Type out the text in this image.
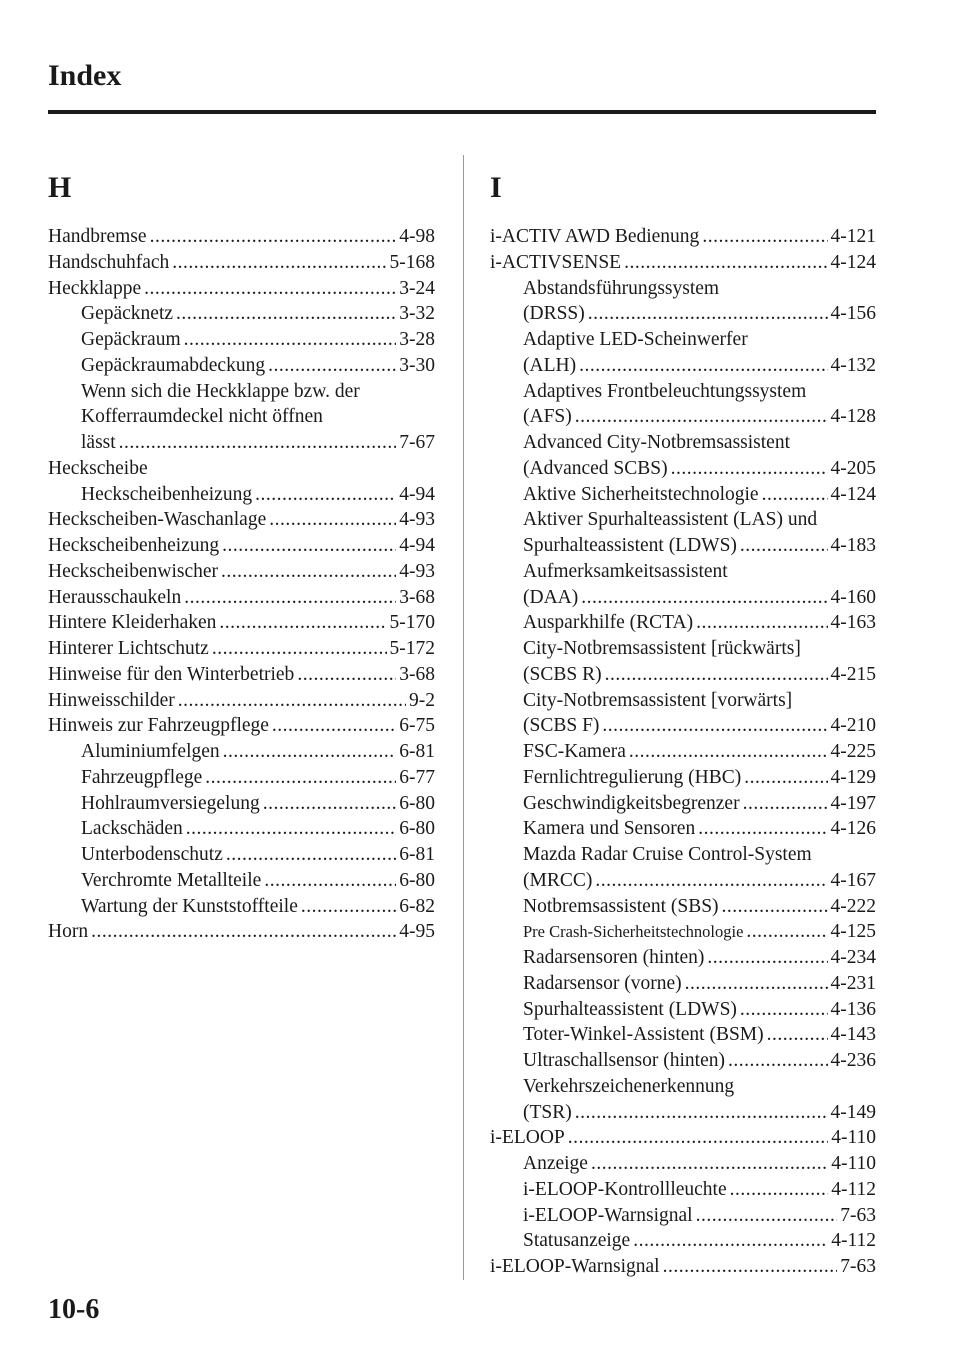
Index
H
Handbremse .....	4-98
Handschuhfach .....	5-168
Heckklappe .....	3-24
Gepäcknetz .....	3-32
Gepäckraum .....	3-28
Gepäckraumabdeckung .....	3-30
Wenn sich die Heckklappe bzw. der
Kofferraumdeckel nicht öffnen
lässt .....	7-67
Heckscheibe
Heckscheibenheizung .....	4-94
Heckscheiben-Waschanlage .....	4-93
Heckscheibenheizung .....	4-94
Heckscheibenwischer .....	4-93
Herausschaukeln .....	3-68
Hintere Kleiderhaken .....	5-170
Hinterer Lichtschutz .....	5-172
Hinweise für den Winterbetrieb .....	3-68
Hinweisschilder .....	9-2
Hinweis zur Fahrzeugpflege .....	6-75
Aluminiumfelgen .....	6-81
Fahrzeugpflege .....	6-77
Hohlraumversiegelung .....	6-80
Lackschäden .....	6-80
Unterbodenschutz .....	6-81
Verchromte Metallteile .....	6-80
Wartung der Kunststoffteile .....	6-82
Horn .....	4-95
I
i-ACTIV AWD Bedienung .....	4-121
i-ACTIVSENSE .....	4-124
Abstandsführungssystem
(DRSS) .....	4-156
Adaptive LED-Scheinwerfer
(ALH) .....	4-132
Adaptives Frontbeleuchtungssystem
(AFS) .....	4-128
Advanced City-Notbremsassistent
(Advanced SCBS) .....	4-205
Aktive Sicherheitstechnologie .....	4-124
Aktiver Spurhalteassistent (LAS) und
Spurhalteassistent (LDWS) .....	4-183
Aufmerksamkeitsassistent
(DAA) .....	4-160
Ausparkhilfe (RCTA) .....	4-163
City-Notbremsassistent [rückwärts]
(SCBS R) .....	4-215
City-Notbremsassistent [vorwärts]
(SCBS F) .....	4-210
FSC-Kamera .....	4-225
Fernlichtregulierung (HBC) .....	4-129
Geschwindigkeitsbegrenzer .....	4-197
Kamera und Sensoren .....	4-126
Mazda Radar Cruise Control-System
(MRCC) .....	4-167
Notbremsassistent (SBS) .....	4-222
Pre Crash-Sicherheitstechnologie .....	4-125
Radarsensoren (hinten) .....	4-234
Radarsensor (vorne) .....	4-231
Spurhalteassistent (LDWS) .....	4-136
Toter-Winkel-Assistent (BSM) .....	4-143
Ultraschallsensor (hinten) .....	4-236
Verkehrszeichenerkennung
(TSR) .....	4-149
i-ELOOP .....	4-110
Anzeige .....	4-110
i-ELOOP-Kontrollleuchte .....	4-112
i-ELOOP-Warnsignal .....	7-63
Statusanzeige .....	4-112
i-ELOOP-Warnsignal .....	7-63
10-6
